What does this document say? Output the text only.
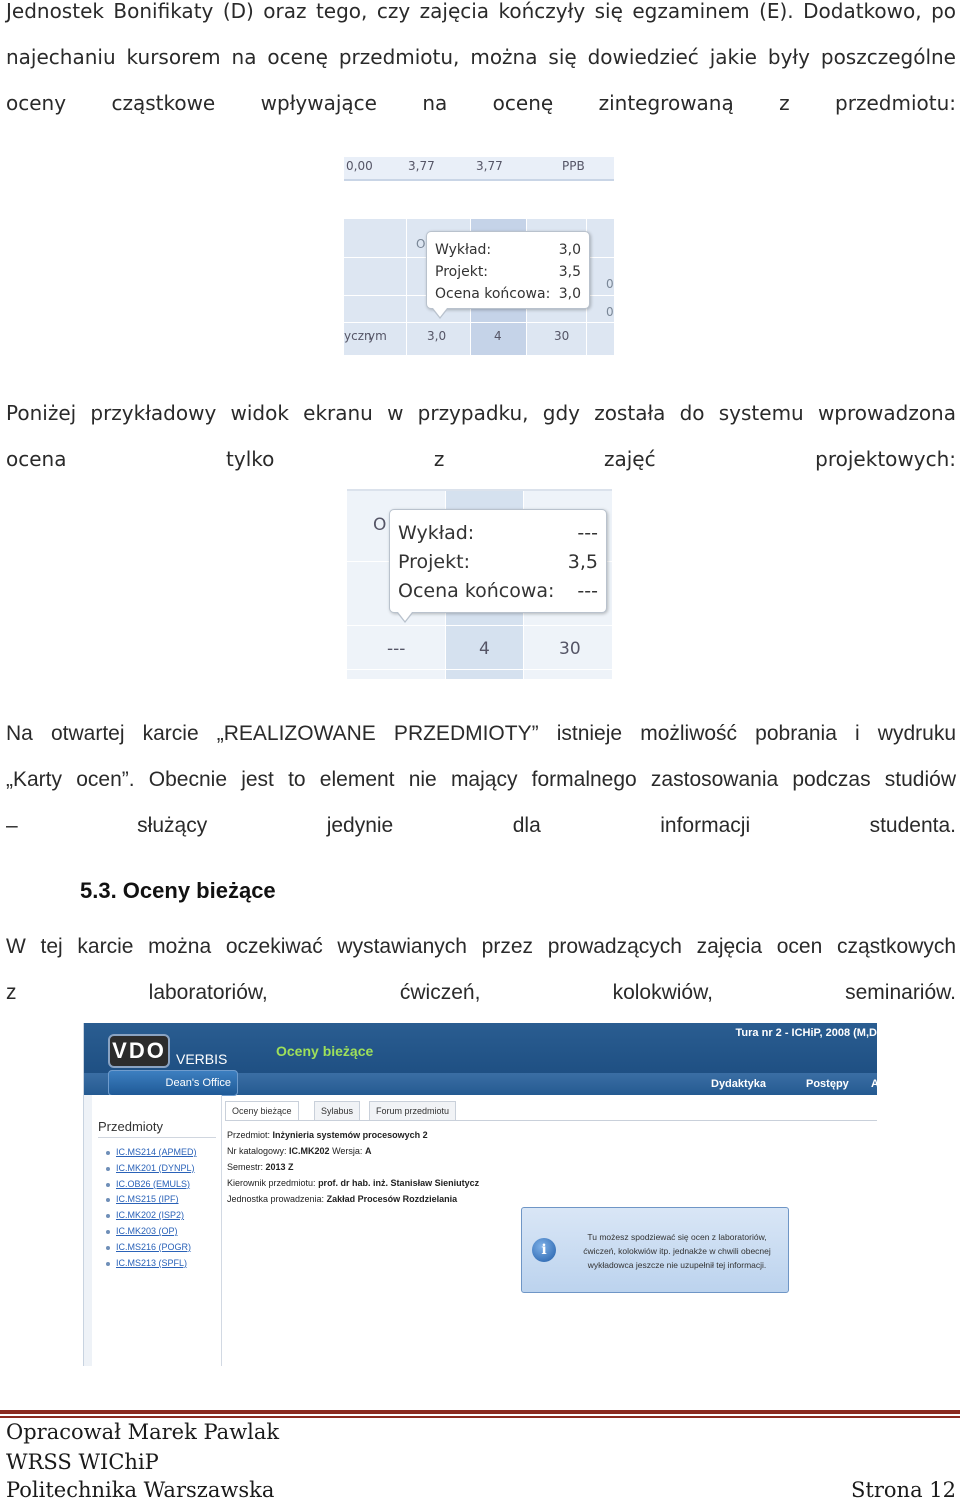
Jednostek Bonifikaty (D) oraz tego, czy zajęcia kończyły się egzaminem (E). Dodatkowo, po
najechaniu kursorem na ocenę przedmiotu, można się dowiedzieć jakie były poszczególne
oceny cząstkowe wpływające na ocenę zintegrowaną z przedmiotu:
0,00	3,77	3,77	PPB
O
0
0
yczn
ym	3,0	4	30
Wykład:	3,0
Projekt:	3,5
Ocena końcowa: 3,0
Poniżej przykładowy widok ekranu w przypadku, gdy została do systemu wprowadzona
ocena tylko z zajęć projektowych:
O
---	4	30
Wykład:	---
Projekt:	3,5
Ocena końcowa: ---
Na otwartej karcie „REALIZOWANE PRZEDMIOTY” istnieje możliwość pobrania i wydruku
„Karty ocen”. Obecnie jest to element nie mający formalnego zastosowania podczas studiów
– służący jedynie dla informacji studenta.
5.3. Oceny bieżące
W tej karcie można oczekiwać wystawianych przez prowadzących zajęcia ocen cząstkowych
z laboratoriów, ćwiczeń, kolokwiów, seminariów.
VDO VERBIS
Dean's Office
Oceny bieżące
Tura nr 2 - ICHiP, 2008 (M,D,
Dydaktyka	Postępy A
Przedmioty
IC.MS214 (APMED)
IC.MK201 (DYNPL)
IC.OB26 (EMULS)
IC.MS215 (IPF)
IC.MK202 (ISP2)
IC.MK203 (OP)
IC.MS216 (POGR)
IC.MS213 (SPFL)
Oceny bieżące	Sylabus	Forum przedmiotu
Przedmiot: Inżynieria systemów procesowych 2
Nr katalogowy: IC.MK202 Wersja: A
Semestr: 2013 Z
Kierownik przedmiotu: prof. dr hab. inż. Stanisław Sieniutycz
Jednostka prowadzenia: Zakład Procesów Rozdzielania
i
Tu możesz spodziewać się ocen z laboratoriów, ćwiczeń, kolokwiów itp. jednakże w chwili obecnej wykładowca jeszcze nie uzupełnił tej informacji.
Opracował Marek Pawlak
WRSS WIChiP
Politechnika Warszawska	Strona 12
